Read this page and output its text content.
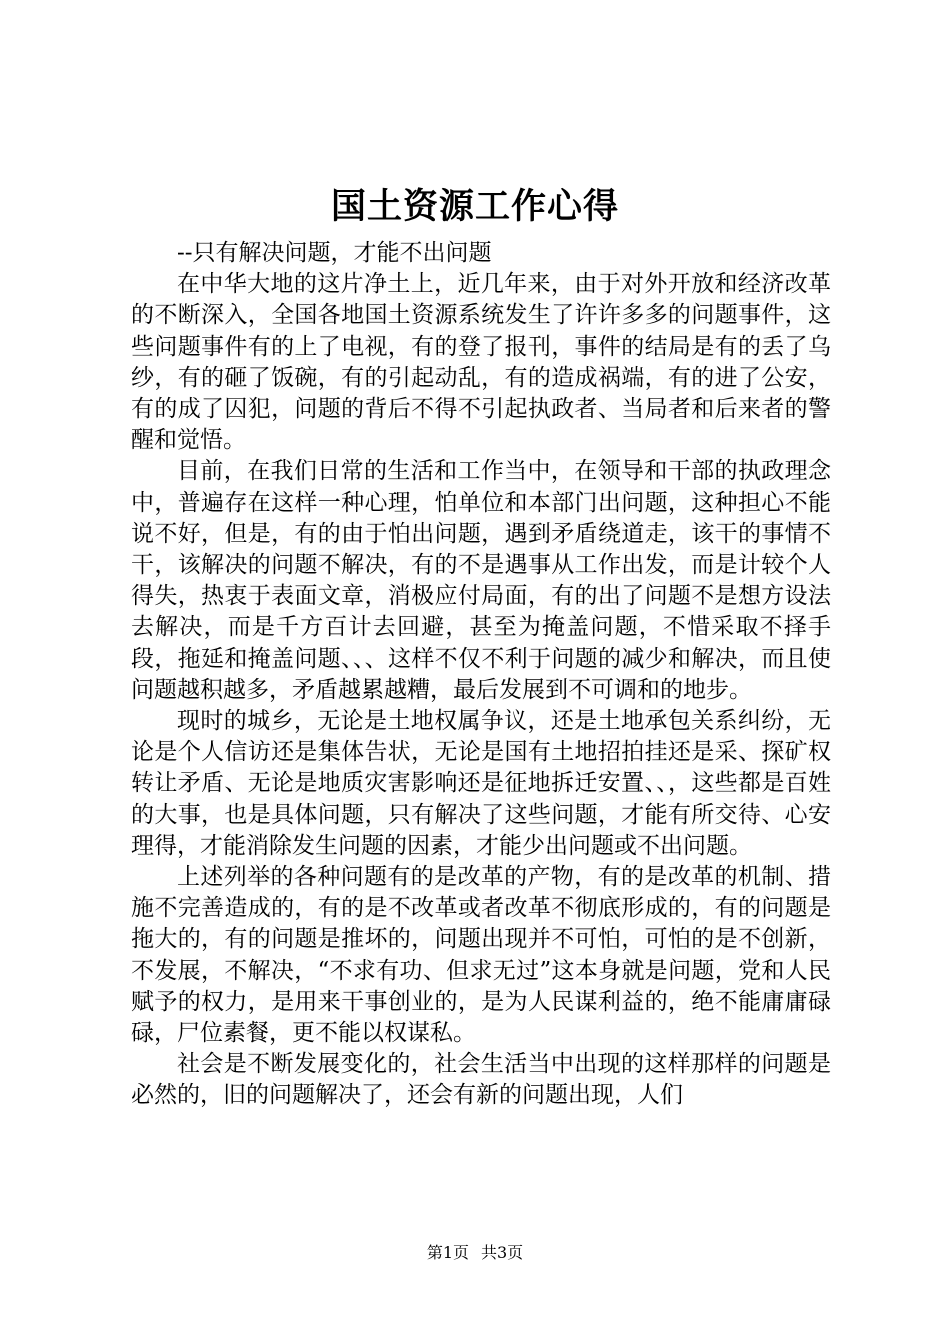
国土资源工作心得

--只有解决问题，才能不出问题

在中华大地的这片净土上，近几年来，由于对外开放和经济改革的不断深入，全国各地国土资源系统发生了许许多多的问题事件，这些问题事件有的上了电视，有的登了报刊，事件的结局是有的丢了乌纱，有的砸了饭碗，有的引起动乱，有的造成祸端，有的进了公安，有的成了囚犯，问题的背后不得不引起执政者、当局者和后来者的警醒和觉悟。

目前，在我们日常的生活和工作当中，在领导和干部的执政理念中，普遍存在这样一种心理，怕单位和本部门出问题，这种担心不能说不好，但是，有的由于怕出问题，遇到矛盾绕道走，该干的事情不干，该解决的问题不解决，有的不是遇事从工作出发，而是计较个人得失，热衷于表面文章，消极应付局面，有的出了问题不是想方设法去解决，而是千方百计去回避，甚至为掩盖问题，不惜采取不择手段，拖延和掩盖问题、、、这样不仅不利于问题的减少和解决，而且使问题越积越多，矛盾越累越糟，最后发展到不可调和的地步。

现时的城乡，无论是土地权属争议，还是土地承包关系纠纷，无论是个人信访还是集体告状，无论是国有土地招拍挂还是采、探矿权转让矛盾、无论是地质灾害影响还是征地拆迁安置、、，这些都是百姓的大事，也是具体问题，只有解决了这些问题，才能有所交待、心安理得，才能消除发生问题的因素，才能少出问题或不出问题。

上述列举的各种问题有的是改革的产物，有的是改革的机制、措施不完善造成的，有的是不改革或者改革不彻底形成的，有的问题是拖大的，有的问题是推坏的，问题出现并不可怕，可怕的是不创新，不发展，不解决，“不求有功、但求无过”这本身就是问题，党和人民赋予的权力，是用来干事创业的，是为人民谋利益的，绝不能庸庸碌碌，尸位素餐，更不能以权谋私。

社会是不断发展变化的，社会生活当中出现的这样那样的问题是必然的，旧的问题解决了，还会有新的问题出现，人们

第1页 共3页
